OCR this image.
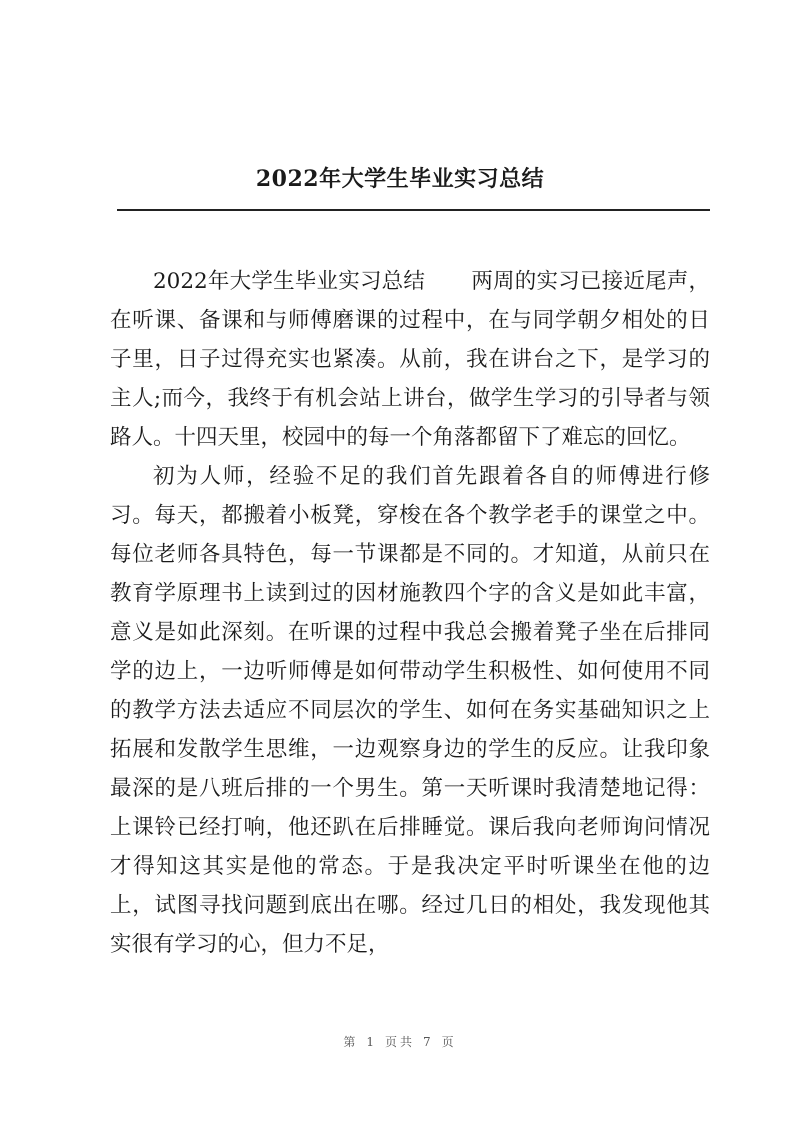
2022年大学生毕业实习总结

2022年大学生毕业实习总结 两周的实习已接近尾声，在听课、备课和与师傅磨课的过程中，在与同学朝夕相处的日子里，日子过得充实也紧凑。从前，我在讲台之下，是学习的主人;而今，我终于有机会站上讲台，做学生学习的引导者与领路人。十四天里，校园中的每一个角落都留下了难忘的回忆。

初为人师，经验不足的我们首先跟着各自的师傅进行修习。每天，都搬着小板凳，穿梭在各个教学老手的课堂之中。每位老师各具特色，每一节课都是不同的。才知道，从前只在教育学原理书上读到过的因材施教四个字的含义是如此丰富，意义是如此深刻。在听课的过程中我总会搬着凳子坐在后排同学的边上，一边听师傅是如何带动学生积极性、如何使用不同的教学方法去适应不同层次的学生、如何在务实基础知识之上拓展和发散学生思维，一边观察身边的学生的反应。让我印象最深的是八班后排的一个男生。第一天听课时我清楚地记得：上课铃已经打响，他还趴在后排睡觉。课后我向老师询问情况才得知这其实是他的常态。于是我决定平时听课坐在他的边上，试图寻找问题到底出在哪。经过几日的相处，我发现他其实很有学习的心，但力不足，

第 1 页共 7 页
